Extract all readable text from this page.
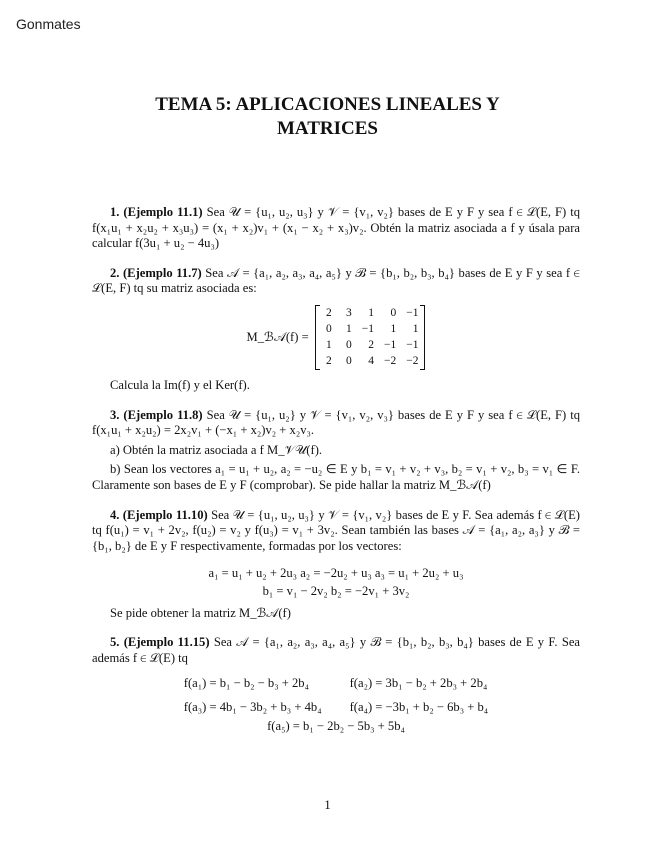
Gonmates
TEMA 5: APLICACIONES LINEALES Y
MATRICES

1. (Ejemplo 11.1) Sea 𝒰 = {u₁, u₂, u₃} y 𝒱 = {v₁, v₂} bases de E y F y sea f ∈ ℒ(E, F) tq f(x₁u₁ + x₂u₂ + x₃u₃) = (x₁ + x₂)v₁ + (x₁ − x₂ + x₃)v₂. Obtén la matriz asociada a f y úsala para calcular f(3u₁ + u₂ − 4u₃)

2. (Ejemplo 11.7) Sea 𝒜 = {a₁, a₂, a₃, a₄, a₅} y ℬ = {b₁, b₂, b₃, b₄} bases de E y F y sea f ∈ ℒ(E, F) tq su matriz asociada es:

M_ℬ𝒜(f) =
2	3	1	0 −1
0	1 −1	1	1
1	0	2 −1 −1
2	0	4 −2 −2

Calcula la Im(f) y el Ker(f).

3. (Ejemplo 11.8) Sea 𝒰 = {u₁, u₂} y 𝒱 = {v₁, v₂, v₃} bases de E y F y sea f ∈ ℒ(E, F) tq f(x₁u₁ + x₂u₂) = 2x₂v₁ + (−x₁ + x₂)v₂ + x₂v₃.

a) Obtén la matriz asociada a f M_𝒱𝒰(f).

b) Sean los vectores a₁ = u₁ + u₂, a₂ = −u₂ ∈ E y b₁ = v₁ + v₂ + v₃, b₂ = v₁ + v₂, b₃ = v₁ ∈ F. Claramente son bases de E y F (comprobar). Se pide hallar la matriz M_ℬ𝒜(f)

4. (Ejemplo 11.10) Sea 𝒰 = {u₁, u₂, u₃} y 𝒱 = {v₁, v₂} bases de E y F. Sea además f ∈ ℒ(E) tq f(u₁) = v₁ + 2v₂, f(u₂) = v₂ y f(u₃) = v₁ + 3v₂. Sean también las bases 𝒜 = {a₁, a₂, a₃} y ℬ = {b₁, b₂} de E y F respectivamente, formadas por los vectores:

a₁ = u₁ + u₂ + 2u₃ a₂ = −2u₂ + u₃ a₃ = u₁ + 2u₂ + u₃

b₁ = v₁ − 2v₂ b₂ = −2v₁ + 3v₂

Se pide obtener la matriz M_ℬ𝒜(f)

5. (Ejemplo 11.15) Sea 𝒜 = {a₁, a₂, a₃, a₄, a₅} y ℬ = {b₁, b₂, b₃, b₄} bases de E y F. Sea además f ∈ ℒ(E) tq

f(a₁) = b₁ − b₂ − b₃ + 2b₄	f(a₂) = 3b₁ − b₂ + 2b₃ + 2b₄
f(a₃) = 4b₁ − 3b₂ + b₃ + 4b₄ f(a₄) = −3b₁ + b₂ − 6b₃ + b₄

f(a₅) = b₁ − 2b₂ − 5b₃ + 5b₄

1
